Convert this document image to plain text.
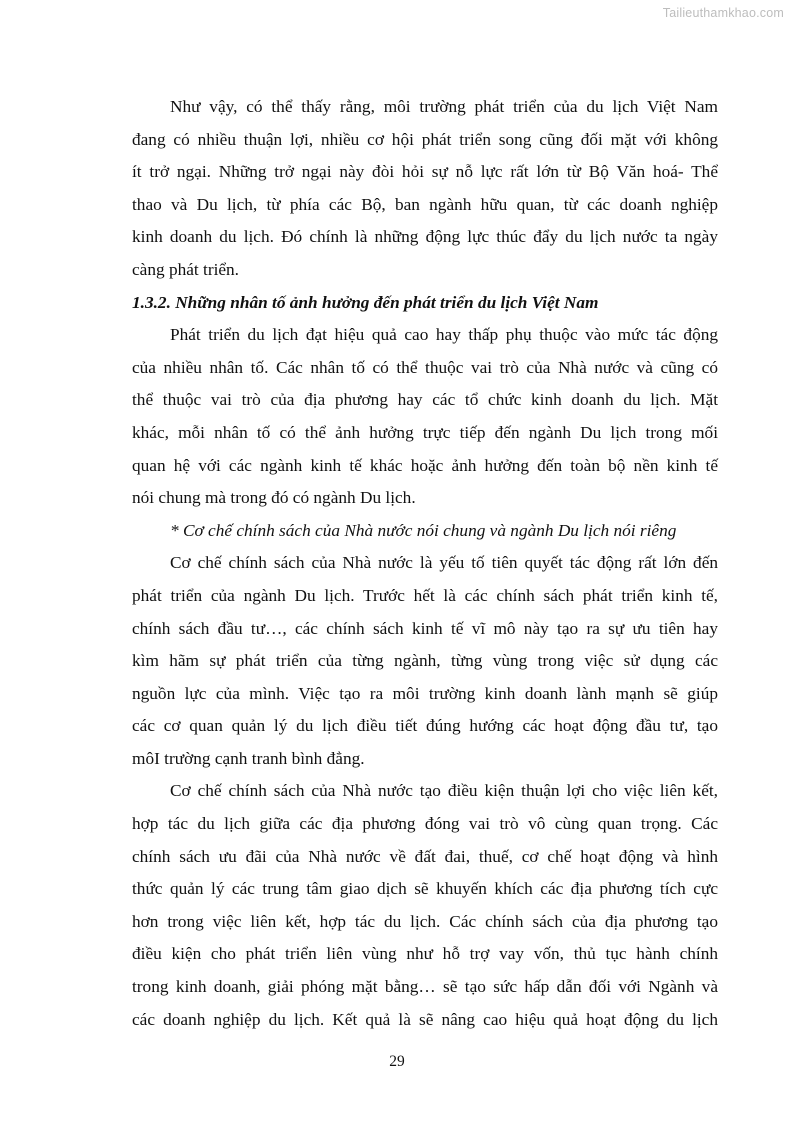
Tailieuthamkhao.com
Như vậy, có thể thấy rằng, môi trường phát triển của du lịch Việt Nam
đang có nhiều thuận lợi, nhiều cơ hội phát triển song cũng đối mặt với không
ít trở ngại. Những trở ngại này đòi hỏi sự nỗ lực rất lớn từ Bộ Văn hoá- Thể
thao và Du lịch, từ phía các Bộ, ban ngành hữu quan, từ các doanh nghiệp
kinh doanh du lịch. Đó chính là những động lực thúc đẩy du lịch nước ta ngày
càng phát triển.
1.3.2. Những nhân tố ảnh hưởng đến phát triển du lịch Việt Nam
Phát triển du lịch đạt hiệu quả cao hay thấp phụ thuộc vào mức tác động
của nhiều nhân tố. Các nhân tố có thể thuộc vai trò của Nhà nước và cũng có
thể thuộc vai trò của địa phương hay các tổ chức kinh doanh du lịch. Mặt
khác, mỗi nhân tố có thể ảnh hưởng trực tiếp đến ngành Du lịch trong mối
quan hệ với các ngành kinh tế khác hoặc ảnh hưởng đến toàn bộ nền kinh tế
nói chung mà trong đó có ngành Du lịch.
* Cơ chế chính sách của Nhà nước nói chung và ngành Du lịch nói riêng
Cơ chế chính sách của Nhà nước là yếu tố tiên quyết tác động rất lớn đến
phát triển của ngành Du lịch. Trước hết là các chính sách phát triển kinh tế,
chính sách đầu tư…, các chính sách kinh tế vĩ mô này tạo ra sự ưu tiên hay
kìm hãm sự phát triển của từng ngành, từng vùng trong việc sử dụng các
nguồn lực của mình. Việc tạo ra môi trường kinh doanh lành mạnh sẽ giúp
các cơ quan quản lý du lịch điều tiết đúng hướng các hoạt động đầu tư, tạo
môI trường cạnh tranh bình đẳng.
Cơ chế chính sách của Nhà nước tạo điều kiện thuận lợi cho việc liên kết,
hợp tác du lịch giữa các địa phương đóng vai trò vô cùng quan trọng. Các
chính sách ưu đãi của Nhà nước về đất đai, thuế, cơ chế hoạt động và hình
thức quản lý các trung tâm giao dịch sẽ khuyến khích các địa phương tích cực
hơn trong việc liên kết, hợp tác du lịch. Các chính sách của địa phương tạo
điều kiện cho phát triển liên vùng như hỗ trợ vay vốn, thủ tục hành chính
trong kinh doanh, giải phóng mặt bằng… sẽ tạo sức hấp dẫn đối với Ngành và
các doanh nghiệp du lịch. Kết quả là sẽ nâng cao hiệu quả hoạt động du lịch
29
